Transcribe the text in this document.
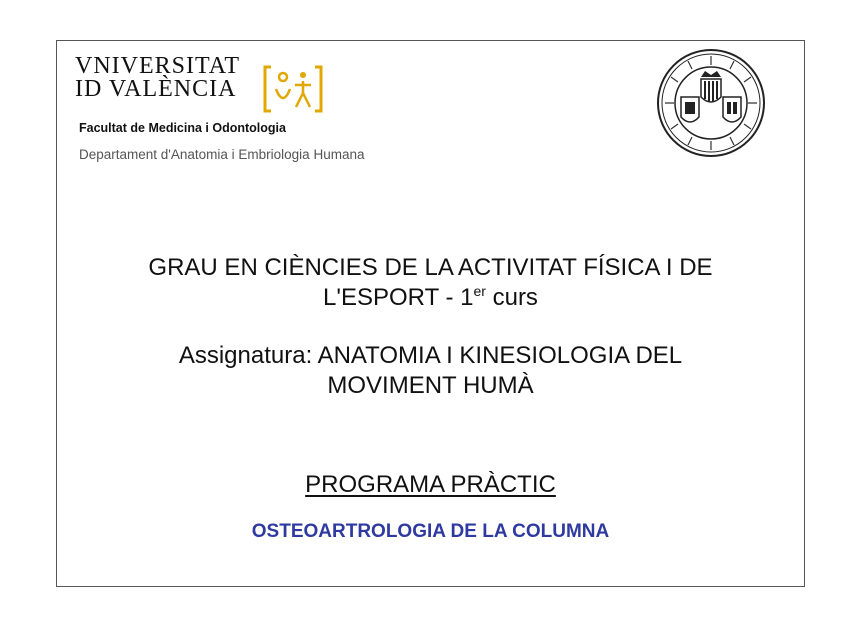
VNIVERSITAT
ID VALÈNCIA
Facultat de Medicina i Odontologia
Departament d'Anatomia i Embriologia Humana
GRAU EN CIÈNCIES DE LA ACTIVITAT FÍSICA I DE
L'ESPORT - 1er curs
Assignatura: ANATOMIA I KINESIOLOGIA DEL
MOVIMENT HUMÀ
PROGRAMA PRÀCTIC
OSTEOARTROLOGIA DE LA COLUMNA
